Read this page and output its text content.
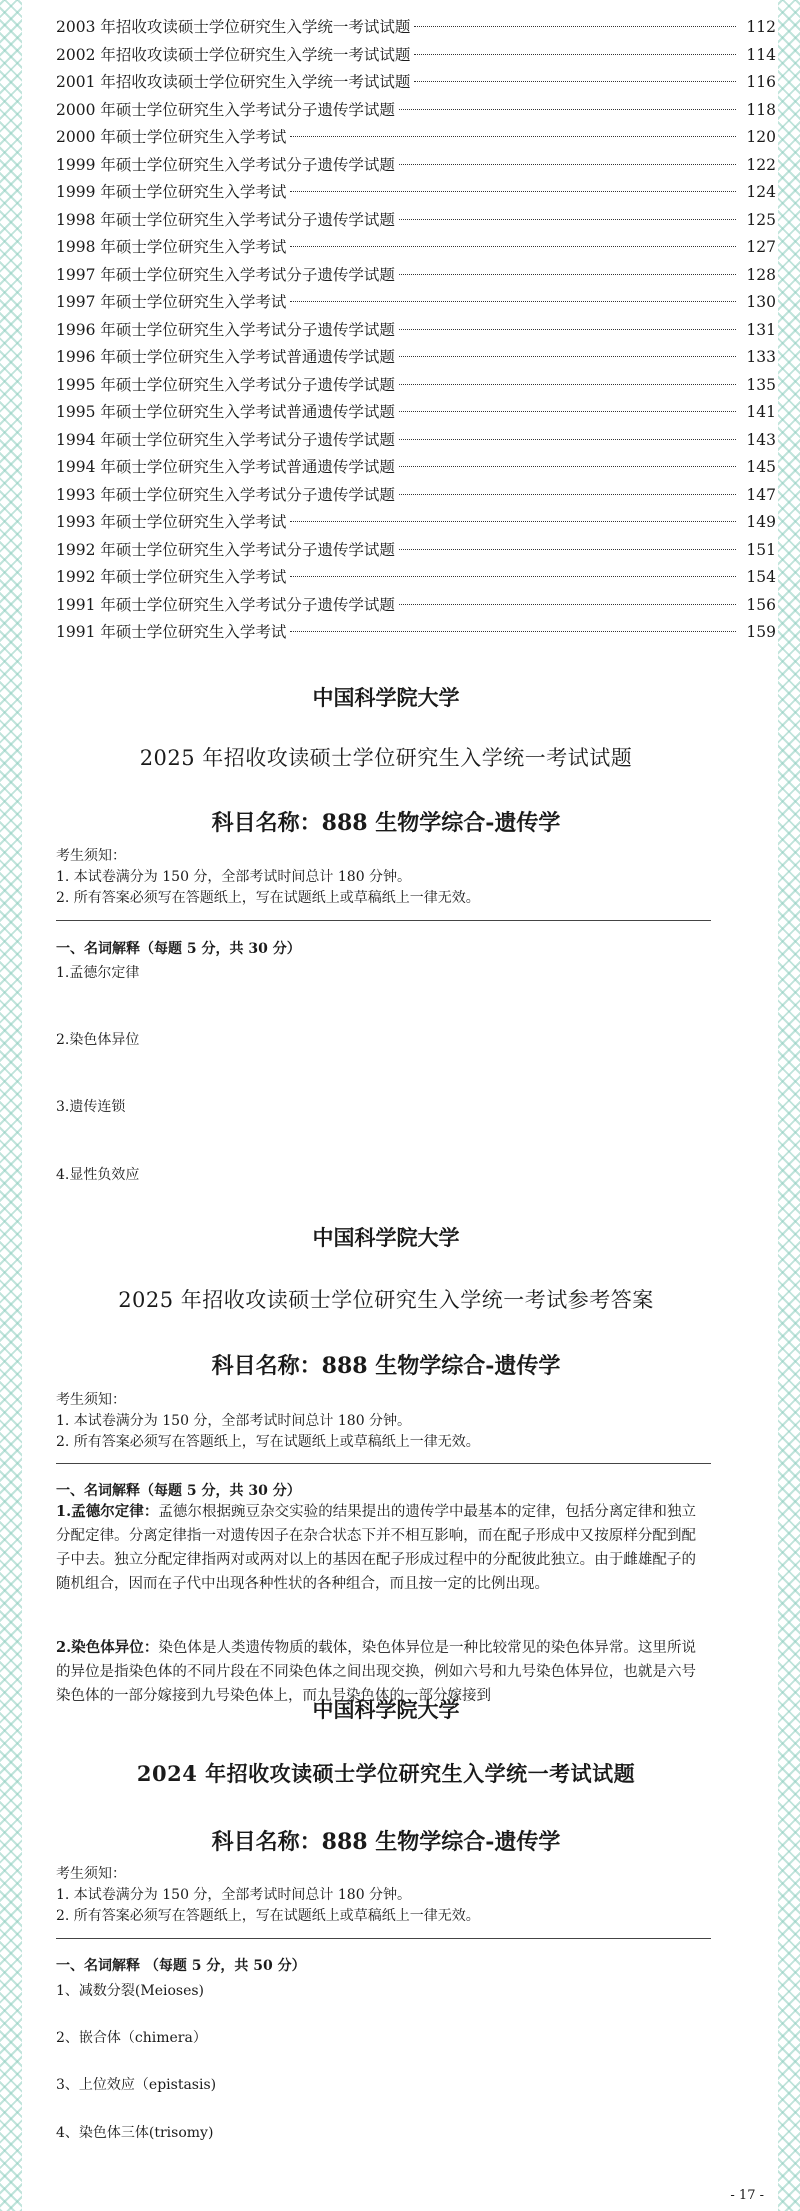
2003 年招收攻读硕士学位研究生入学统一考试试题	112
2002 年招收攻读硕士学位研究生入学统一考试试题	114
2001 年招收攻读硕士学位研究生入学统一考试试题	116
2000 年硕士学位研究生入学考试分子遗传学试题	118
2000 年硕士学位研究生入学考试	120
1999 年硕士学位研究生入学考试分子遗传学试题	122
1999 年硕士学位研究生入学考试	124
1998 年硕士学位研究生入学考试分子遗传学试题	125
1998 年硕士学位研究生入学考试	127
1997 年硕士学位研究生入学考试分子遗传学试题	128
1997 年硕士学位研究生入学考试	130
1996 年硕士学位研究生入学考试分子遗传学试题	131
1996 年硕士学位研究生入学考试普通遗传学试题	133
1995 年硕士学位研究生入学考试分子遗传学试题	135
1995 年硕士学位研究生入学考试普通遗传学试题	141
1994 年硕士学位研究生入学考试分子遗传学试题	143
1994 年硕士学位研究生入学考试普通遗传学试题	145
1993 年硕士学位研究生入学考试分子遗传学试题	147
1993 年硕士学位研究生入学考试	149
1992 年硕士学位研究生入学考试分子遗传学试题	151
1992 年硕士学位研究生入学考试	154
1991 年硕士学位研究生入学考试分子遗传学试题	156
1991 年硕士学位研究生入学考试	159
中国科学院大学
2025 年招收攻读硕士学位研究生入学统一考试试题
科目名称：888 生物学综合-遗传学
考生须知：
1. 本试卷满分为 150 分，全部考试时间总计 180 分钟。
2. 所有答案必须写在答题纸上，写在试题纸上或草稿纸上一律无效。
一、名词解释（每题 5 分，共 30 分）
1.孟德尔定律
2.染色体异位
3.遗传连锁
4.显性负效应
中国科学院大学
2025 年招收攻读硕士学位研究生入学统一考试参考答案
科目名称：888 生物学综合-遗传学
考生须知：
1. 本试卷满分为 150 分，全部考试时间总计 180 分钟。
2. 所有答案必须写在答题纸上，写在试题纸上或草稿纸上一律无效。
一、名词解释（每题 5 分，共 30 分）
1.孟德尔定律：孟德尔根据豌豆杂交实验的结果提出的遗传学中最基本的定律，包括分离定律和独立分配定律。分离定律指一对遗传因子在杂合状态下并不相互影响，而在配子形成中又按原样分配到配子中去。独立分配定律指两对或两对以上的基因在配子形成过程中的分配彼此独立。由于雌雄配子的随机组合，因而在子代中出现各种性状的各种组合，而且按一定的比例出现。
2.染色体异位：染色体是人类遗传物质的载体，染色体异位是一种比较常见的染色体异常。这里所说的异位是指染色体的不同片段在不同染色体之间出现交换，例如六号和九号染色体异位，也就是六号染色体的一部分嫁接到九号染色体上，而九号染色体的一部分嫁接到
中国科学院大学
2024 年招收攻读硕士学位研究生入学统一考试试题
科目名称：888 生物学综合-遗传学
考生须知：
1. 本试卷满分为 150 分，全部考试时间总计 180 分钟。
2. 所有答案必须写在答题纸上，写在试题纸上或草稿纸上一律无效。
一、名词解释 （每题 5 分，共 50 分）
1、减数分裂(Meioses)
2、嵌合体（chimera）
3、上位效应（epistasis)
4、染色体三体(trisomy)
- 17 -
